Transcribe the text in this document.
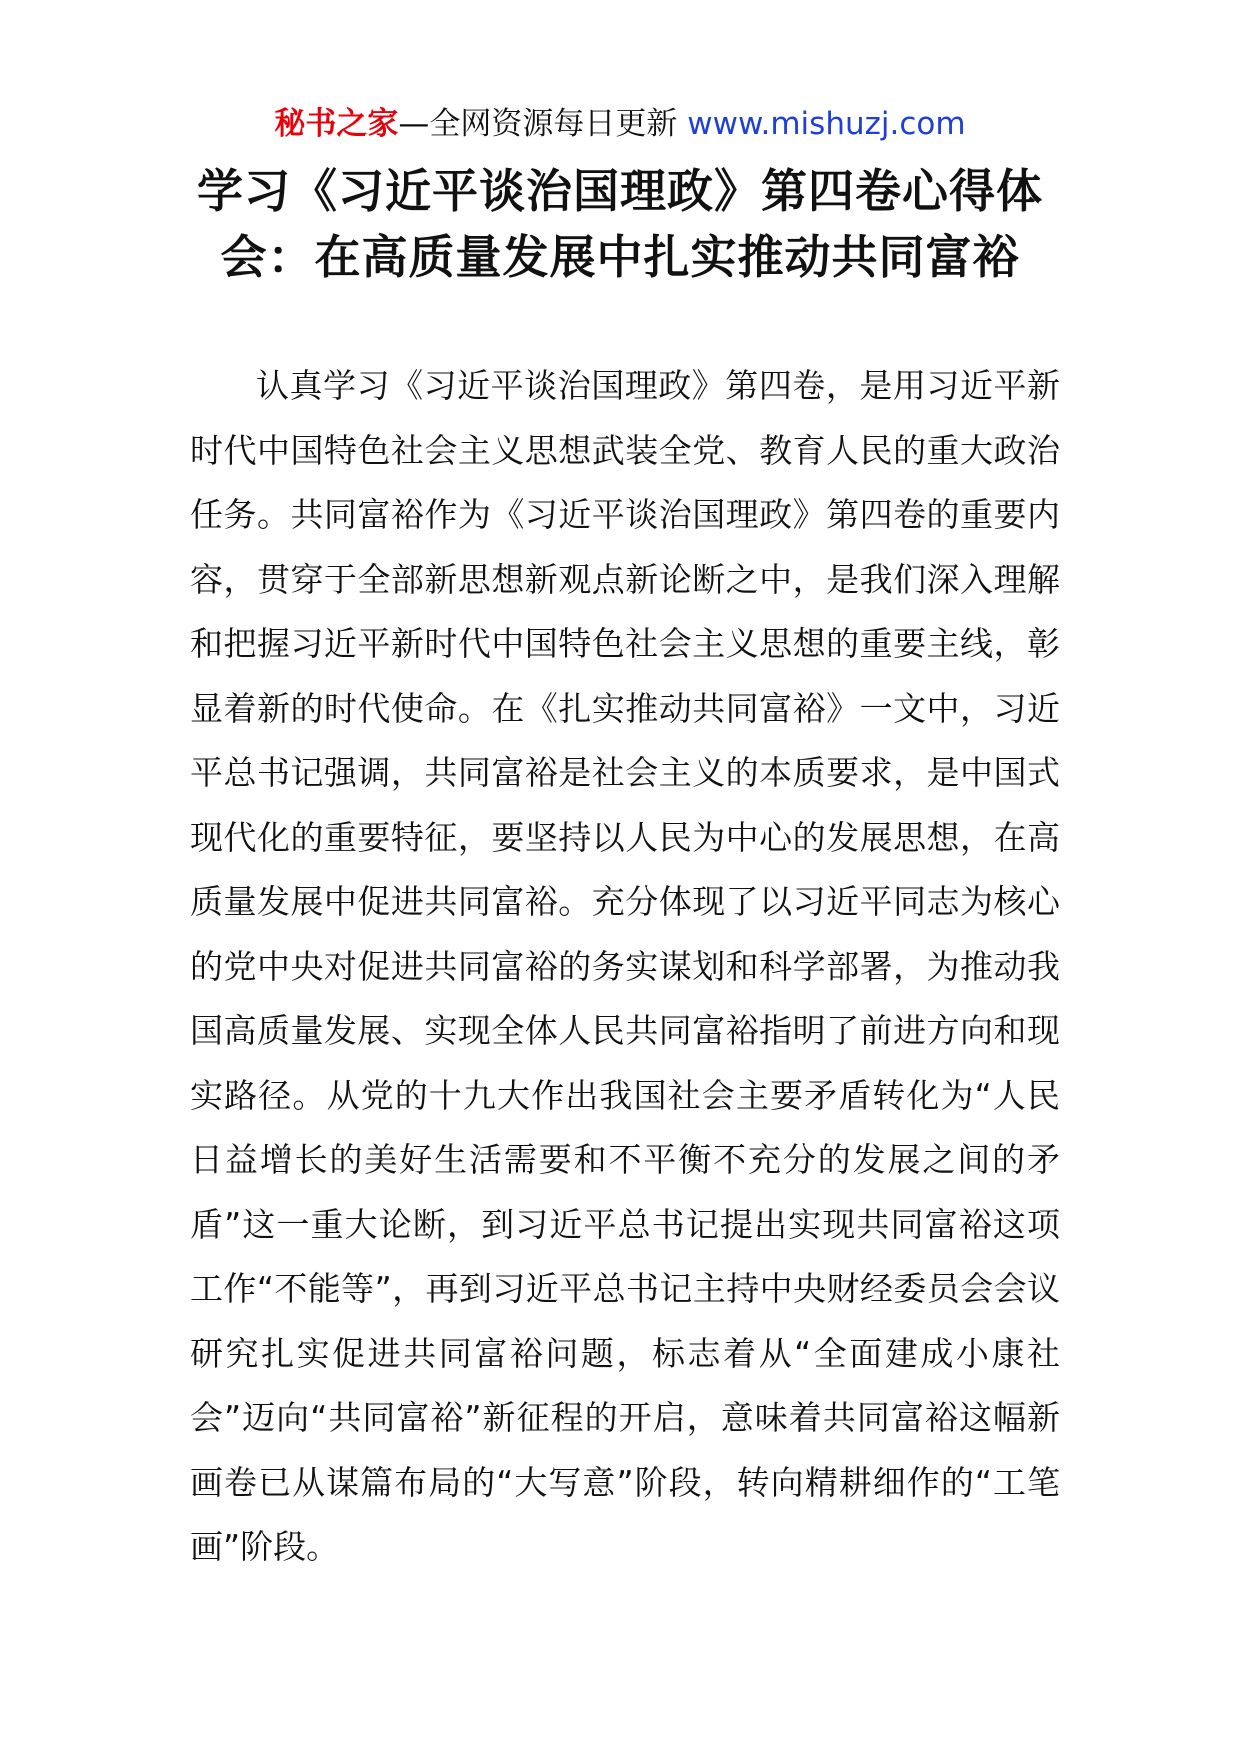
秘书之家—全网资源每日更新 www.mishuzj.com
学习《习近平谈治国理政》第四卷心得体会：在高质量发展中扎实推动共同富裕

认真学习《习近平谈治国理政》第四卷，是用习近平新时代中国特色社会主义思想武装全党、教育人民的重大政治任务。共同富裕作为《习近平谈治国理政》第四卷的重要内容，贯穿于全部新思想新观点新论断之中，是我们深入理解和把握习近平新时代中国特色社会主义思想的重要主线，彰显着新的时代使命。在《扎实推动共同富裕》一文中，习近平总书记强调，共同富裕是社会主义的本质要求，是中国式现代化的重要特征，要坚持以人民为中心的发展思想，在高质量发展中促进共同富裕。充分体现了以习近平同志为核心的党中央对促进共同富裕的务实谋划和科学部署，为推动我国高质量发展、实现全体人民共同富裕指明了前进方向和现实路径。从党的十九大作出我国社会主要矛盾转化为“人民日益增长的美好生活需要和不平衡不充分的发展之间的矛盾”这一重大论断，到习近平总书记提出实现共同富裕这项工作“不能等”，再到习近平总书记主持中央财经委员会会议研究扎实促进共同富裕问题，标志着从“全面建成小康社会”迈向“共同富裕”新征程的开启，意味着共同富裕这幅新画卷已从谋篇布局的“大写意”阶段，转向精耕细作的“工笔画”阶段。
